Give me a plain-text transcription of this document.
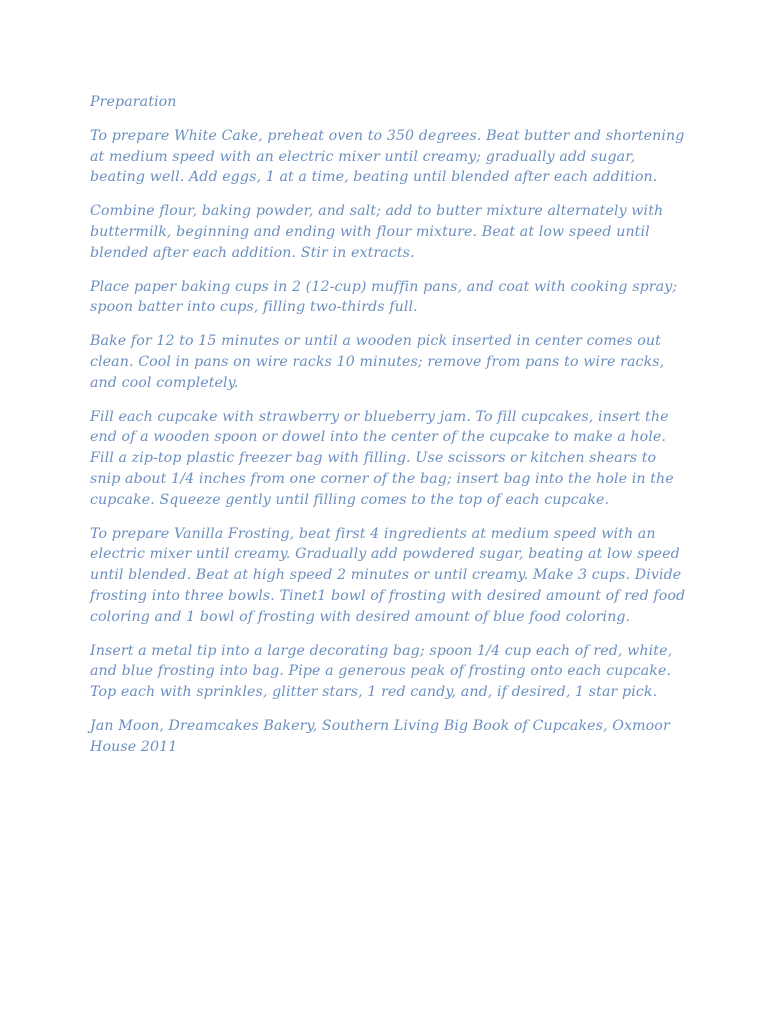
Preparation

To prepare White Cake, preheat oven to 350 degrees. Beat butter and shortening at medium speed with an electric mixer until creamy; gradually add sugar, beating well. Add eggs, 1 at a time, beating until blended after each addition.

Combine flour, baking powder, and salt; add to butter mixture alternately with buttermilk, beginning and ending with flour mixture. Beat at low speed until blended after each addition. Stir in extracts.

Place paper baking cups in 2 (12-cup) muffin pans, and coat with cooking spray; spoon batter into cups, filling two-thirds full.

Bake for 12 to 15 minutes or until a wooden pick inserted in center comes out clean. Cool in pans on wire racks 10 minutes; remove from pans to wire racks, and cool completely.

Fill each cupcake with strawberry or blueberry jam. To fill cupcakes, insert the end of a wooden spoon or dowel into the center of the cupcake to make a hole. Fill a zip-top plastic freezer bag with filling. Use scissors or kitchen shears to snip about 1/4 inches from one corner of the bag; insert bag into the hole in the cupcake. Squeeze gently until filling comes to the top of each cupcake.

To prepare Vanilla Frosting, beat first 4 ingredients at medium speed with an electric mixer until creamy. Gradually add powdered sugar, beating at low speed until blended. Beat at high speed 2 minutes or until creamy. Make 3 cups. Divide frosting into three bowls. Tinet1 bowl of frosting with desired amount of red food coloring and 1 bowl of frosting with desired amount of blue food coloring.

Insert a metal tip into a large decorating bag; spoon 1/4 cup each of red, white, and blue frosting into bag. Pipe a generous peak of frosting onto each cupcake. Top each with sprinkles, glitter stars, 1 red candy, and, if desired, 1 star pick.

Jan Moon, Dreamcakes Bakery, Southern Living Big Book of Cupcakes, Oxmoor House 2011
